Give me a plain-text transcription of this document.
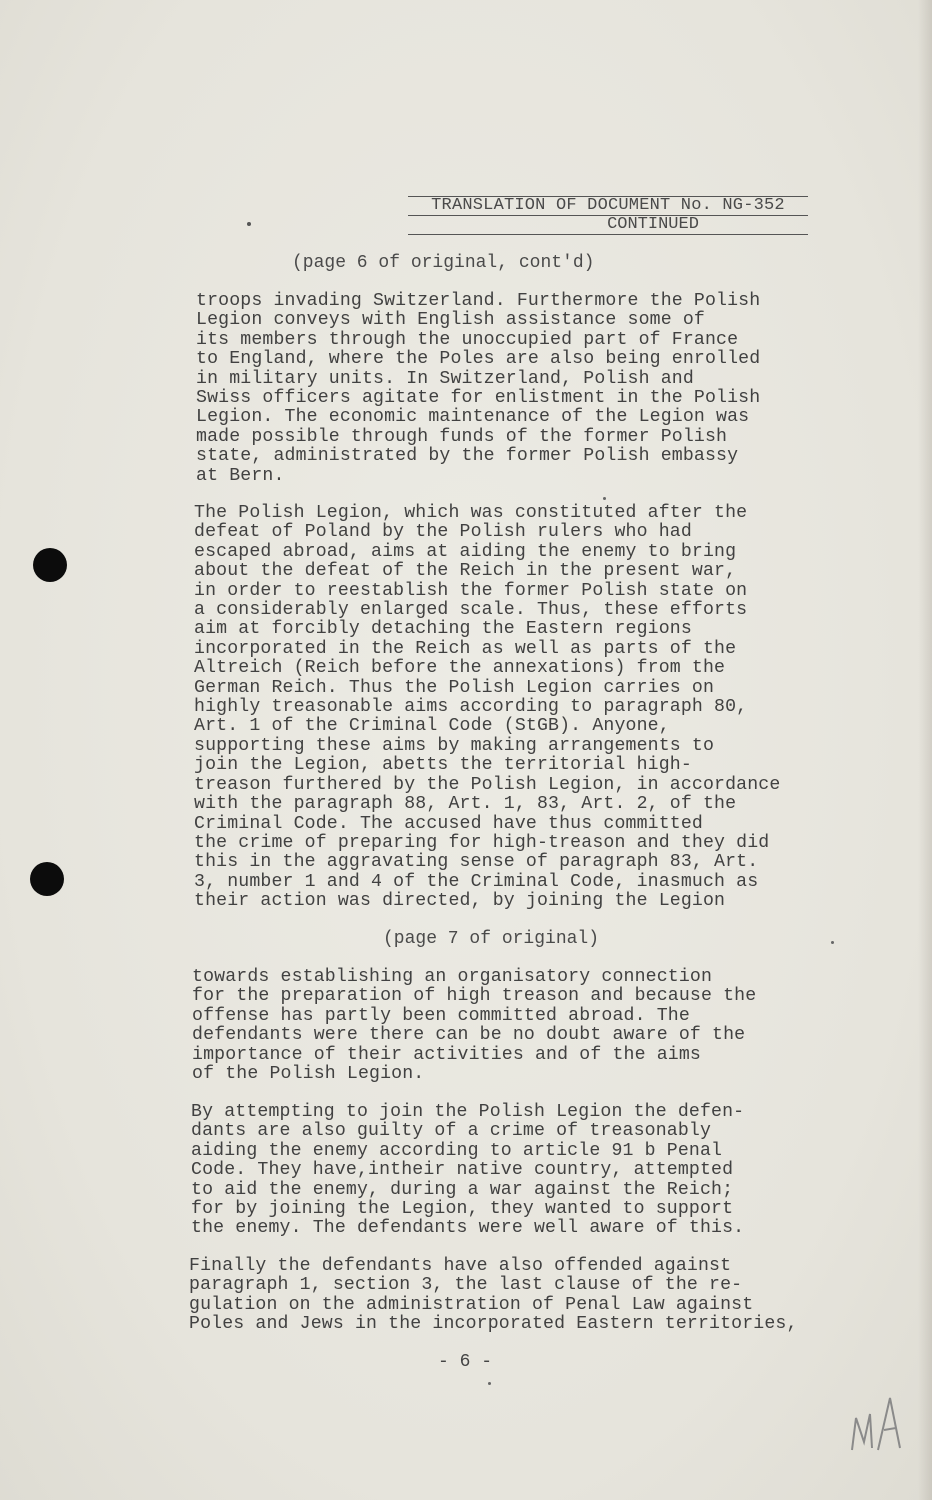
TRANSLATION OF DOCUMENT No. NG-352
CONTINUED
(page 6 of original, cont'd)
troops invading Switzerland. Furthermore the Polish
Legion conveys with English assistance some of
its members through the unoccupied part of France
to England, where the Poles are also being enrolled
in military units. In Switzerland, Polish and
Swiss officers agitate for enlistment in the Polish
Legion. The economic maintenance of the Legion was
made possible through funds of the former Polish
state, administrated by the former Polish embassy
at Bern.
The Polish Legion, which was constituted after the
defeat of Poland by the Polish rulers who had
escaped abroad, aims at aiding the enemy to bring
about the defeat of the Reich in the present war,
in order to reestablish the former Polish state on
a considerably enlarged scale. Thus, these efforts
aim at forcibly detaching the Eastern regions
incorporated in the Reich as well as parts of the
Altreich (Reich before the annexations) from the
German Reich. Thus the Polish Legion carries on
highly treasonable aims according to paragraph 80,
Art. 1 of the Criminal Code (StGB). Anyone,
supporting these aims by making arrangements to
join the Legion, abetts the territorial high-
treason furthered by the Polish Legion, in accordance
with the paragraph 88, Art. 1, 83, Art. 2, of the
Criminal Code. The accused have thus committed
the crime of preparing for high-treason and they did
this in the aggravating sense of paragraph 83, Art.
3, number 1 and 4 of the Criminal Code, inasmuch as
their action was directed, by joining the Legion
(page 7 of original)
towards establishing an organisatory connection
for the preparation of high treason and because the
offense has partly been committed abroad. The
defendants were there can be no doubt aware of the
importance of their activities and of the aims
of the Polish Legion.
By attempting to join the Polish Legion the defen-
dants are also guilty of a crime of treasonably
aiding the enemy according to article 91 b Penal
Code. They have,intheir native country, attempted
to aid the enemy, during a war against the Reich;
for by joining the Legion, they wanted to support
the enemy. The defendants were well aware of this.
Finally the defendants have also offended against
paragraph 1, section 3, the last clause of the re-
gulation on the administration of Penal Law against
Poles and Jews in the incorporated Eastern territories,
- 6 -
